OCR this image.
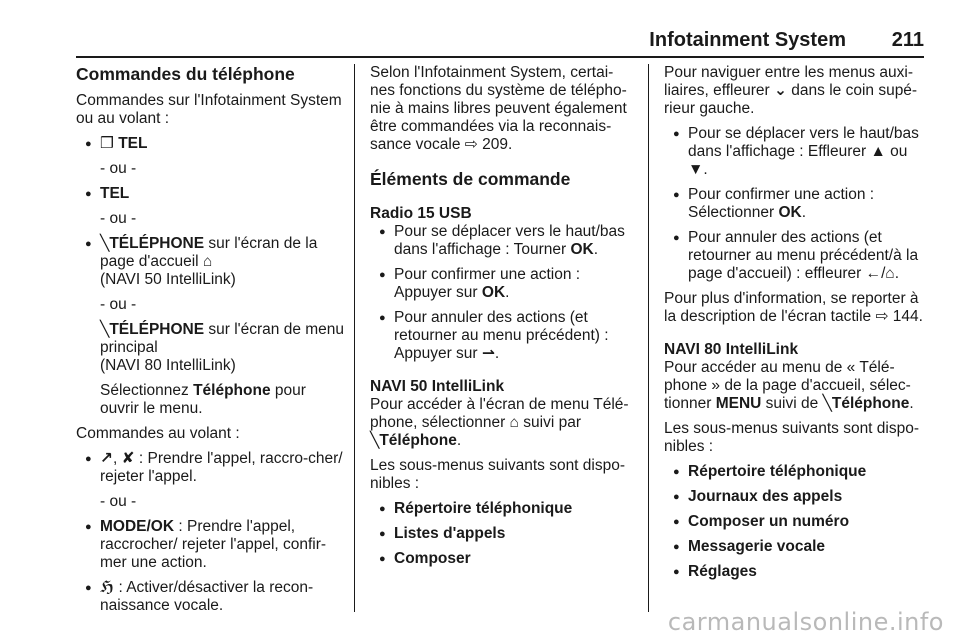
Infotainment System 211
Commandes du téléphone

Commandes sur l'Infotainment System ou au volant :

● ❒ TEL
- ou -
● TEL
- ou -
● ╲TÉLÉPHONE sur l'écran de la page d'accueil ⌂
(NAVI 50 IntelliLink)
- ou -
╲TÉLÉPHONE sur l'écran de menu principal
(NAVI 80 IntelliLink)
Sélectionnez Téléphone pour ouvrir le menu.

Commandes au volant :

● ↗, ✘ : Prendre l'appel, raccro-cher/ rejeter l'appel.
- ou -
● MODE/OK : Prendre l'appel, raccrocher/ rejeter l'appel, confir-mer une action.
● ℌ : Activer/désactiver la recon-naissance vocale.

Selon l'Infotainment System, certai-nes fonctions du système de télépho-nie à mains libres peuvent également être commandées via la reconnais-sance vocale ⇨ 209.

Éléments de commande
Radio 15 USB
● Pour se déplacer vers le haut/bas dans l'affichage : Tourner OK.
● Pour confirmer une action : Appuyer sur OK.
● Pour annuler des actions (et retourner au menu précédent) : Appuyer sur ⇀.
NAVI 50 IntelliLink

Pour accéder à l'écran de menu Télé-phone, sélectionner ⌂ suivi par
╲Téléphone.

Les sous-menus suivants sont dispo-nibles :

● Répertoire téléphonique
● Listes d'appels
● Composer

Pour naviguer entre les menus auxi-liaires, effleurer ⌄ dans le coin supé-rieur gauche.

● Pour se déplacer vers le haut/bas dans l'affichage : Effleurer ▲ ou
▼.
● Pour confirmer une action : Sélectionner OK.
● Pour annuler des actions (et retourner au menu précédent/à la page d'accueil) : effleurer ←/⌂.

Pour plus d'information, se reporter à la description de l'écran tactile ⇨ 144.

NAVI 80 IntelliLink

Pour accéder au menu de « Télé-phone » de la page d'accueil, sélec-tionner MENU suivi de ╲Téléphone.

Les sous-menus suivants sont dispo-nibles :

● Répertoire téléphonique
● Journaux des appels
● Composer un numéro
● Messagerie vocale
● Réglages
carmanualsonline.info
